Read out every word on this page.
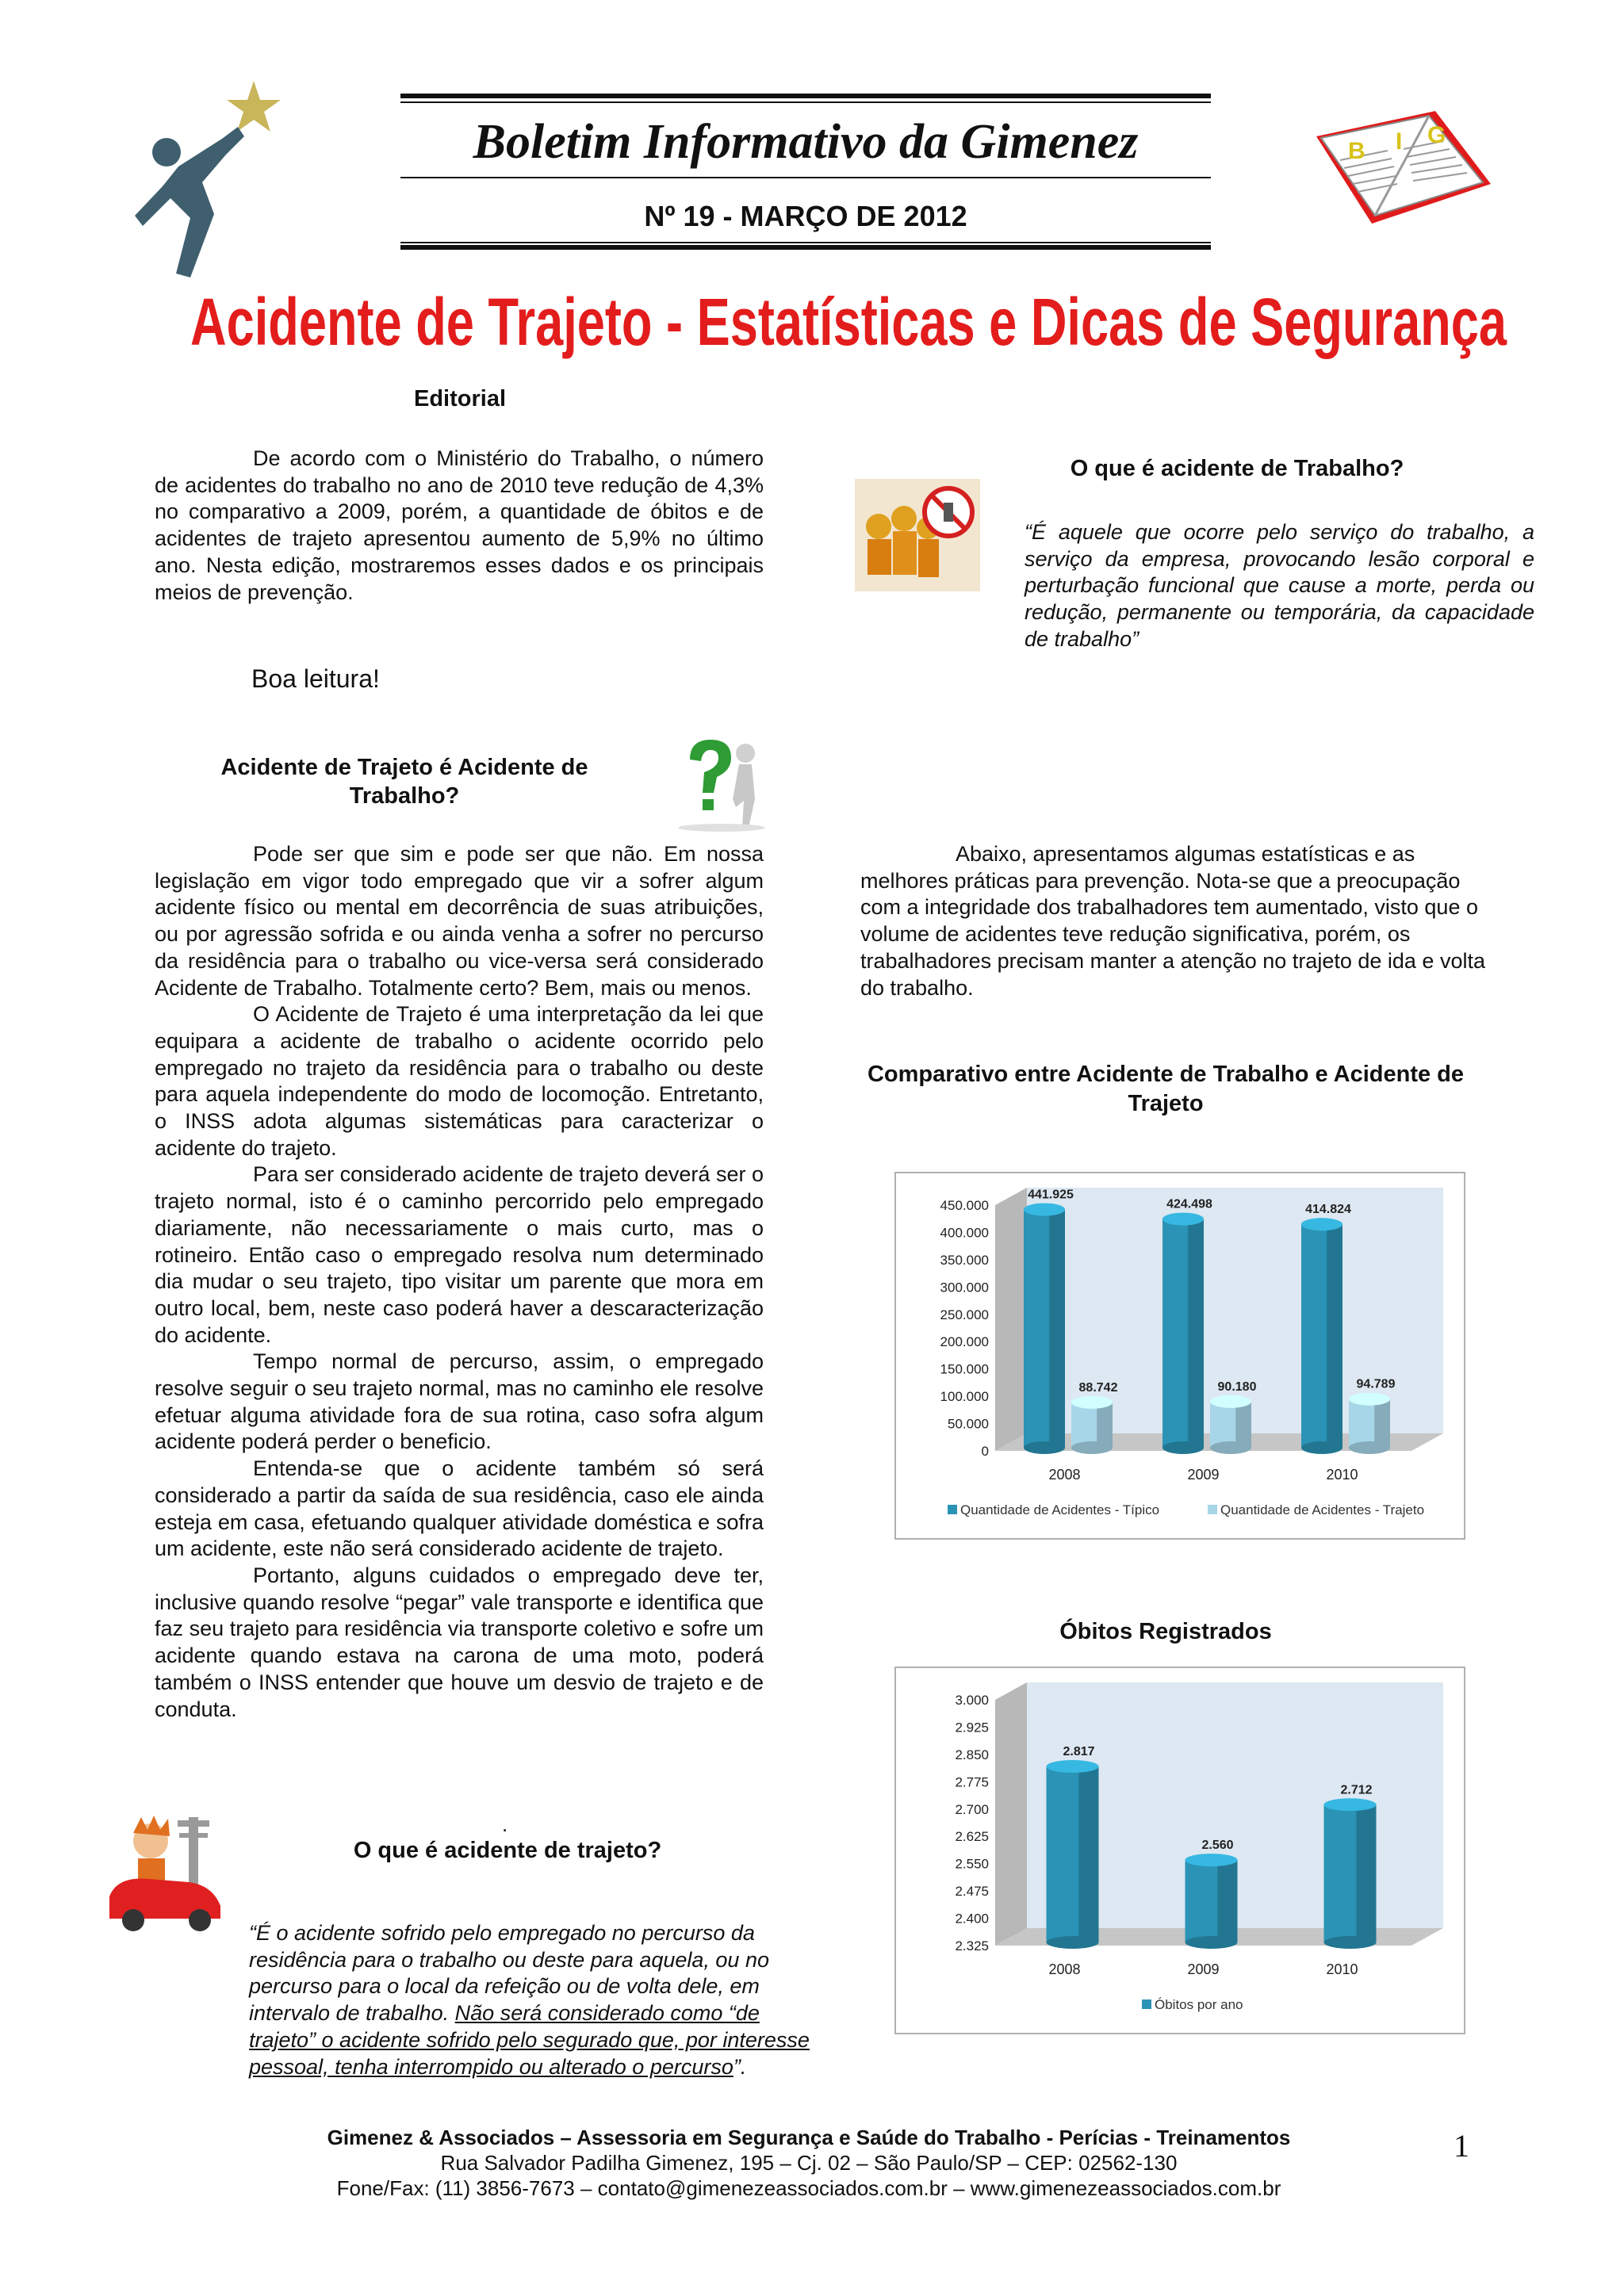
Boletim Informativo da Gimenez
Nº 19 - MARÇO DE 2012
B I G
Acidente de Trajeto - Estatísticas e Dicas de Segurança
Editorial

De acordo com o Ministério do Trabalho, o número de acidentes do trabalho no ano de 2010 teve redução de 4,3% no comparativo a 2009, porém, a quantidade de óbitos e de acidentes de trajeto apresentou aumento de 5,9% no último ano. Nesta edição, mostraremos esses dados e os principais meios de prevenção.

Boa leitura!
O que é acidente de Trabalho?

“É aquele que ocorre pelo serviço do trabalho, a serviço da empresa, provocando lesão corporal e perturbação funcional que cause a morte, perda ou redução, permanente ou temporária, da capacidade de trabalho”

Acidente de Trajeto é Acidente de Trabalho?

Pode ser que sim e pode ser que não. Em nossa legislação em vigor todo empregado que vir a sofrer algum acidente físico ou mental em decorrência de suas atribuições, ou por agressão sofrida e ou ainda venha a sofrer no percurso da residência para o trabalho ou vice-versa será considerado Acidente de Trabalho. Totalmente certo? Bem, mais ou menos.

O Acidente de Trajeto é uma interpretação da lei que equipara a acidente de trabalho o acidente ocorrido pelo empregado no trajeto da residência para o trabalho ou deste para aquela independente do modo de locomoção. Entretanto, o INSS adota algumas sistemáticas para caracterizar o acidente do trajeto.

Para ser considerado acidente de trajeto deverá ser o trajeto normal, isto é o caminho percorrido pelo empregado diariamente, não necessariamente o mais curto, mas o rotineiro. Então caso o empregado resolva num determinado dia mudar o seu trajeto, tipo visitar um parente que mora em outro local, bem, neste caso poderá haver a descaracterização do acidente.

Tempo normal de percurso, assim, o empregado resolve seguir o seu trajeto normal, mas no caminho ele resolve efetuar alguma atividade fora de sua rotina, caso sofra algum acidente poderá perder o beneficio.

Entenda-se que o acidente também só será considerado a partir da saída de sua residência, caso ele ainda esteja em casa, efetuando qualquer atividade doméstica e sofra um acidente, este não será considerado acidente de trajeto.

Portanto, alguns cuidados o empregado deve ter, inclusive quando resolve “pegar” vale transporte e identifica que faz seu trajeto para residência via transporte coletivo e sofre um acidente quando estava na carona de uma moto, poderá também o INSS entender que houve um desvio de trajeto e de conduta.

.
O que é acidente de trajeto?

“É o acidente sofrido pelo empregado no percurso da residência para o trabalho ou deste para aquela, ou no percurso para o local da refeição ou de volta dele, em intervalo de trabalho. Não será considerado como “de trajeto” o acidente sofrido pelo segurado que, por interesse pessoal, tenha interrompido ou alterado o percurso”.

Abaixo, apresentamos algumas estatísticas e as melhores práticas para prevenção. Nota-se que a preocupação com a integridade dos trabalhadores tem aumentado, visto que o volume de acidentes teve redução significativa, porém, os trabalhadores precisam manter a atenção no trajeto de ida e volta do trabalho.

Comparativo entre Acidente de Trabalho e Acidente de Trajeto
0
50.000
100.000
150.000
200.000
250.000
300.000
350.000
400.000
450.000
441.925
424.498	414.824
88.742	90.180	94.789
2008	2009	2010
Quantidade de Acidentes - Típico	Quantidade de Acidentes - Trajeto
Óbitos Registrados
2.325
2.400
2.475
2.550
2.625
2.700
2.775
2.850
2.925
3.000
2.817
2.560
2.712
2008	2009	2010
Óbitos por ano
Gimenez & Associados – Assessoria em Segurança e Saúde do Trabalho - Perícias - Treinamentos
Rua Salvador Padilha Gimenez, 195 – Cj. 02 – São Paulo/SP – CEP: 02562-130
Fone/Fax: (11) 3856-7673 – contato@gimenezeassociados.com.br – www.gimenezeassociados.com.br
1
